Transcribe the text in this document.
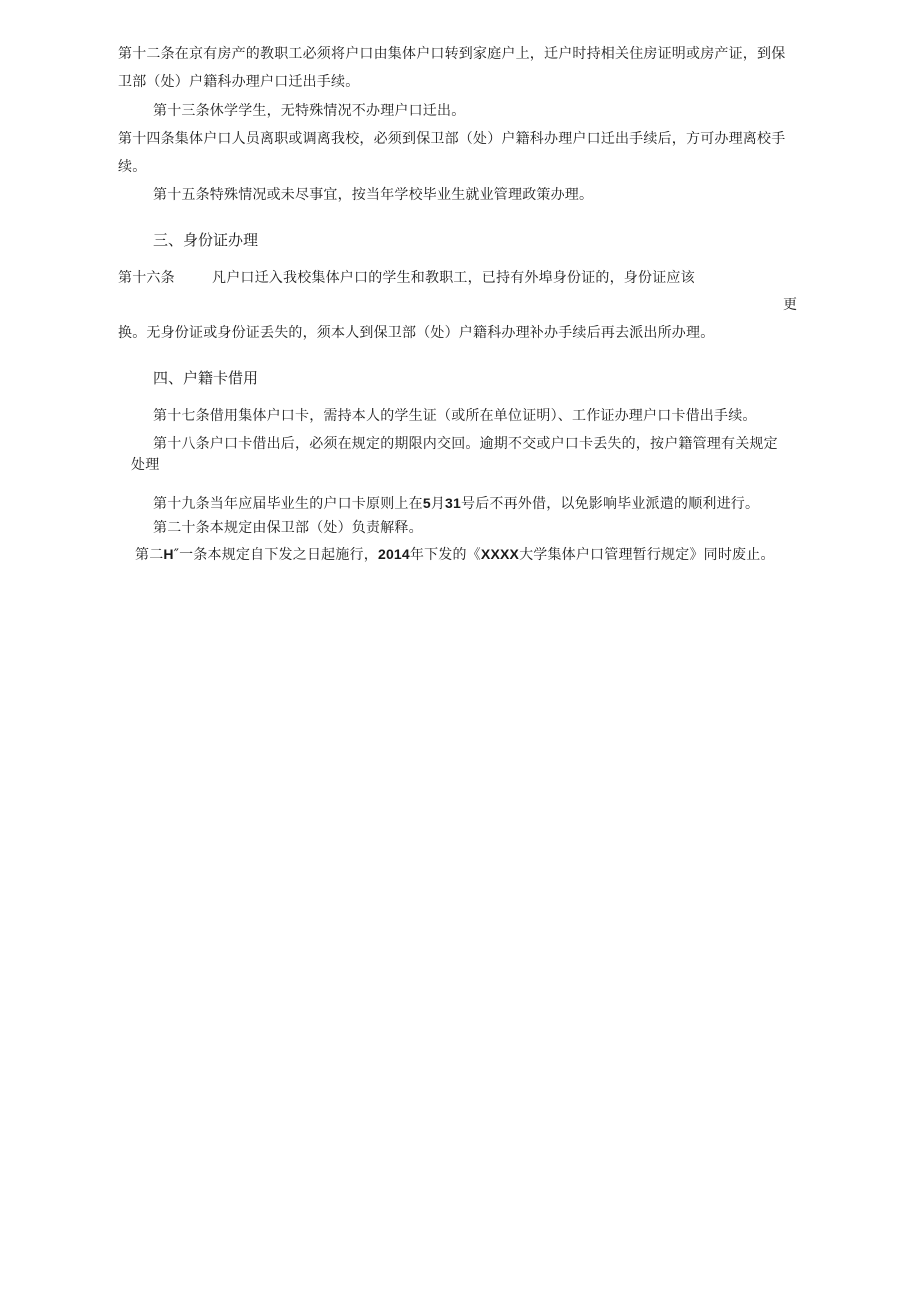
第十二条在京有房产的教职工必须将户口由集体户口转到家庭户上，迁户时持相关住房证明或房产证，到保
卫部（处）户籍科办理户口迁出手续。
第十三条休学学生，无特殊情况不办理户口迁出。
第十四条集体户口人员离职或调离我校，必须到保卫部（处）户籍科办理户口迁出手续后，方可办理离校手
续。
第十五条特殊情况或未尽事宜，按当年学校毕业生就业管理政策办理。
三、身份证办理
第十六条	凡户口迁入我校集体户口的学生和教职工，已持有外埠身份证的，身份证应该
更
换。无身份证或身份证丢失的，须本人到保卫部（处）户籍科办理补办手续后再去派出所办理。
四、户籍卡借用
第十七条借用集体户口卡，需持本人的学生证（或所在单位证明）、工作证办理户口卡借出手续。
第十八条户口卡借出后，必须在规定的期限内交回。逾期不交或户口卡丢失的，按户籍管理有关规定
处理
第十九条当年应届毕业生的户口卡原则上在5月31号后不再外借，以免影响毕业派遣的顺利进行。
第二十条本规定由保卫部（处）负责解释。
第二H″一条本规定自下发之日起施行，2014年下发的《XXXX大学集体户口管理暂行规定》同时废止。
